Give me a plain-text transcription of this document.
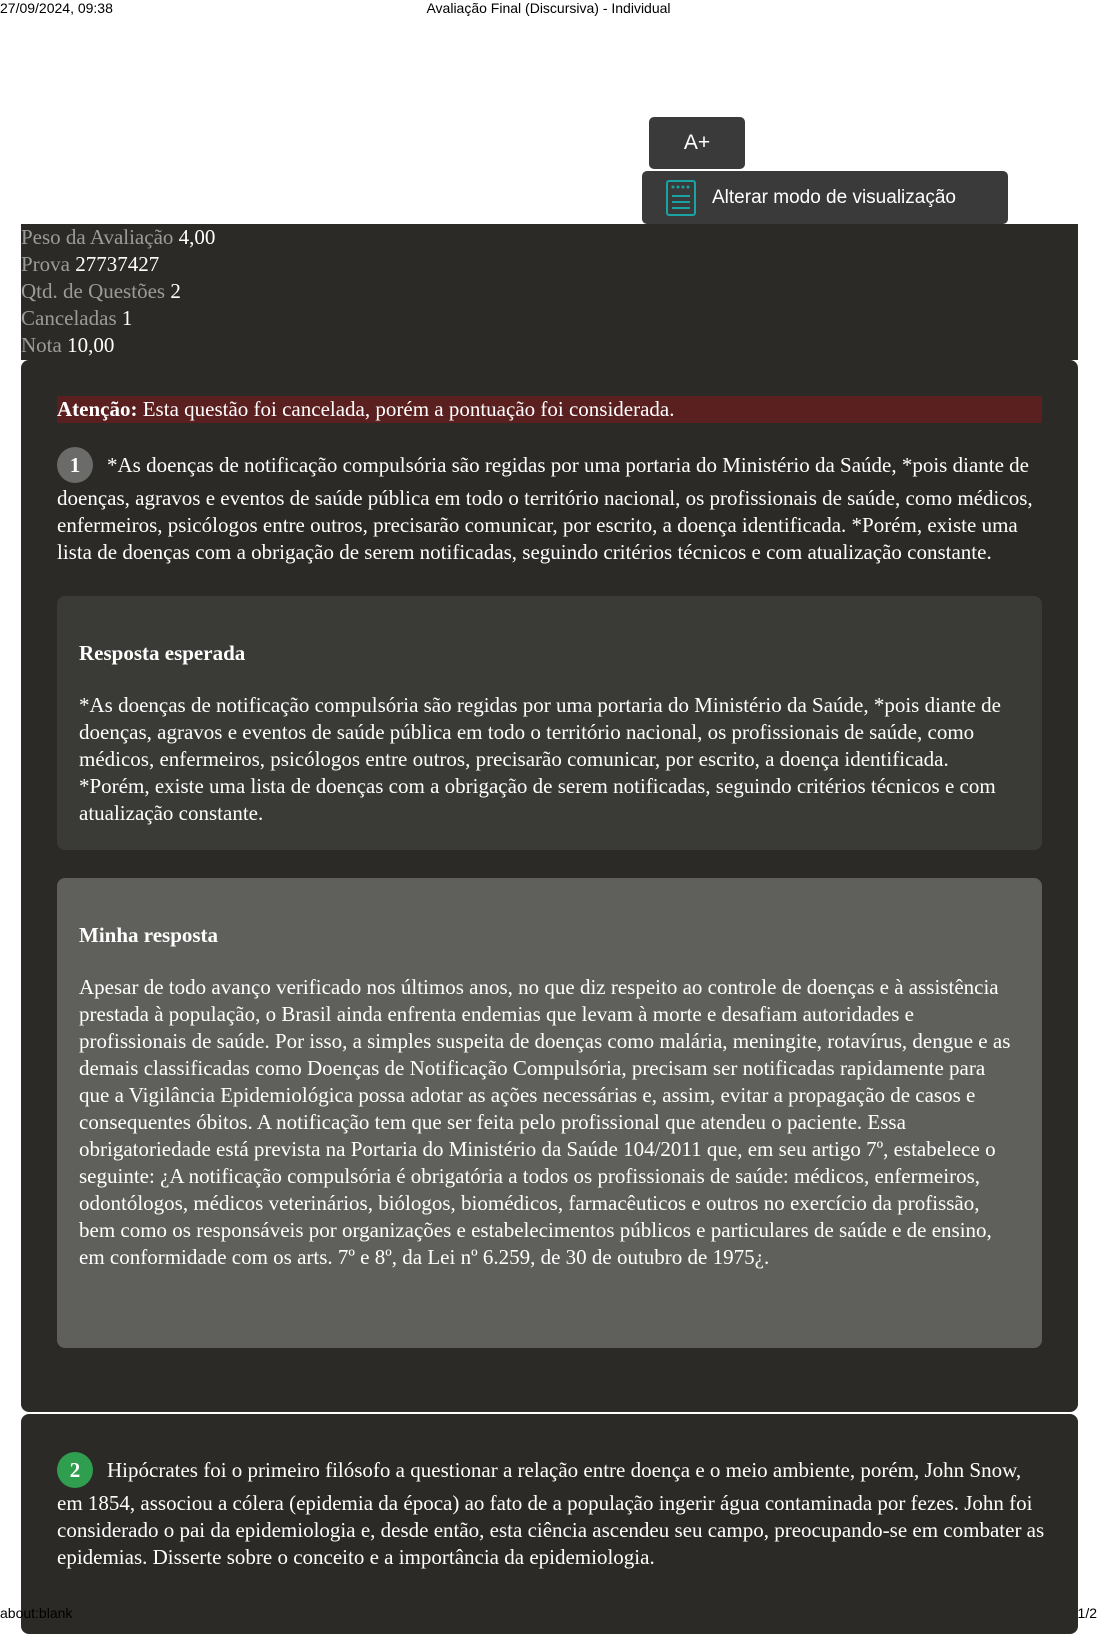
27/09/2024, 09:38	Avaliação Final (Discursiva) - Individual
A+
Alterar modo de visualização
Peso da Avaliação 4,00
Prova 27737427
Qtd. de Questões 2
Canceladas 1
Nota 10,00
Atenção: Esta questão foi cancelada, porém a pontuação foi considerada.
1 *As doenças de notificação compulsória são regidas por uma portaria do Ministério da Saúde, *pois diante de doenças, agravos e eventos de saúde pública em todo o território nacional, os profissionais de saúde, como médicos, enfermeiros, psicólogos entre outros, precisarão comunicar, por escrito, a doença identificada. *Porém, existe uma lista de doenças com a obrigação de serem notificadas, seguindo critérios técnicos e com atualização constante.
Resposta esperada

*As doenças de notificação compulsória são regidas por uma portaria do Ministério da Saúde, *pois diante de doenças, agravos e eventos de saúde pública em todo o território nacional, os profissionais de saúde, como médicos, enfermeiros, psicólogos entre outros, precisarão comunicar, por escrito, a doença identificada. *Porém, existe uma lista de doenças com a obrigação de serem notificadas, seguindo critérios técnicos e com atualização constante.

Minha resposta

Apesar de todo avanço verificado nos últimos anos, no que diz respeito ao controle de doenças e à assistência prestada à população, o Brasil ainda enfrenta endemias que levam à morte e desafiam autoridades e profissionais de saúde. Por isso, a simples suspeita de doenças como malária, meningite, rotavírus, dengue e as demais classificadas como Doenças de Notificação Compulsória, precisam ser notificadas rapidamente para que a Vigilância Epidemiológica possa adotar as ações necessárias e, assim, evitar a propagação de casos e consequentes óbitos. A notificação tem que ser feita pelo profissional que atendeu o paciente. Essa obrigatoriedade está prevista na Portaria do Ministério da Saúde 104/2011 que, em seu artigo 7º, estabelece o seguinte: ¿A notificação compulsória é obrigatória a todos os profissionais de saúde: médicos, enfermeiros, odontólogos, médicos veterinários, biólogos, biomédicos, farmacêuticos e outros no exercício da profissão, bem como os responsáveis por organizações e estabelecimentos públicos e particulares de saúde e de ensino, em conformidade com os arts. 7º e 8º, da Lei nº 6.259, de 30 de outubro de 1975¿.

2 Hipócrates foi o primeiro filósofo a questionar a relação entre doença e o meio ambiente, porém, John Snow, em 1854, associou a cólera (epidemia da época) ao fato de a população ingerir água contaminada por fezes. John foi considerado o pai da epidemiologia e, desde então, esta ciência ascendeu seu campo, preocupando-se em combater as epidemias. Disserte sobre o conceito e a importância da epidemiologia.
about:blank	1/2
